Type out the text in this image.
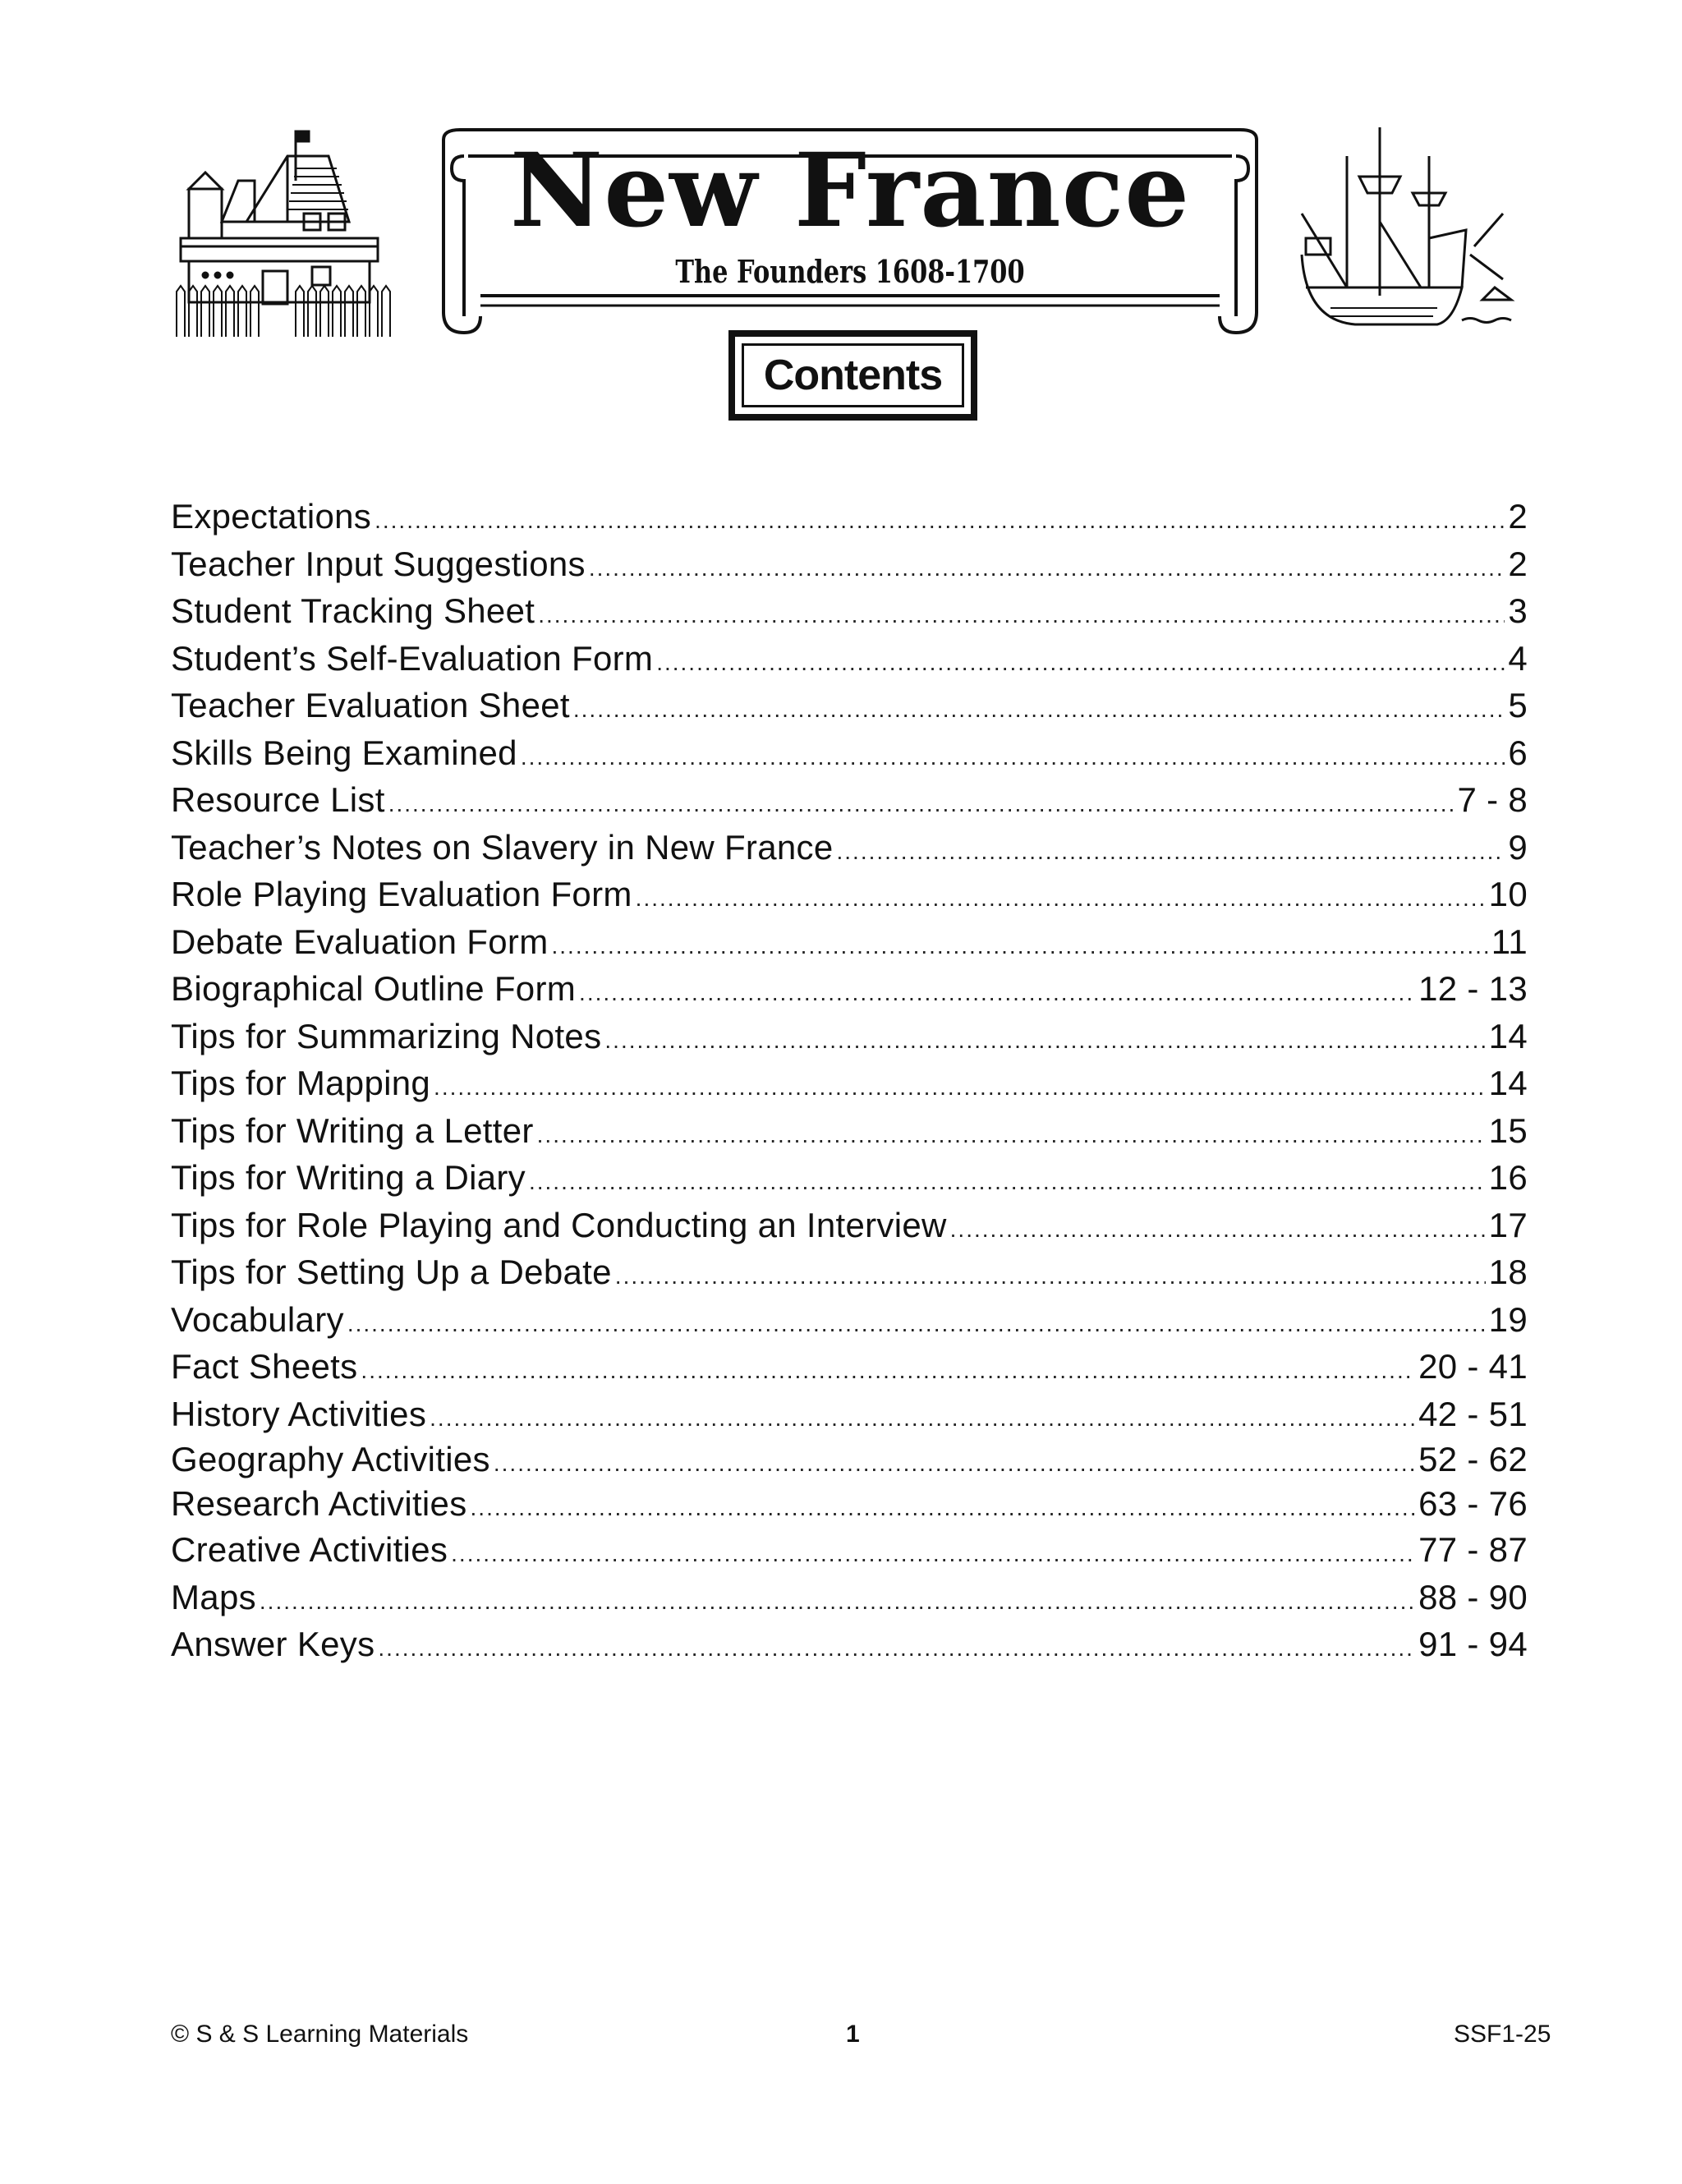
New France
The Founders 1608-1700
Contents
Expectations .....	2
Teacher Input Suggestions .....	2
Student Tracking Sheet .....	3
Student’s Self-Evaluation Form .....	4
Teacher Evaluation Sheet .....	5
Skills Being Examined .....	6
Resource List .....	7 - 8
Teacher’s Notes on Slavery in New France .....	9
Role Playing Evaluation Form .....	10
Debate Evaluation Form .....	11
Biographical Outline Form .....	12 - 13
Tips for Summarizing Notes .....	14
Tips for Mapping .....	14
Tips for Writing a Letter .....	15
Tips for Writing a Diary .....	16
Tips for Role Playing and Conducting an Interview .....	17
Tips for Setting Up a Debate .....	18
Vocabulary .....	19
Fact Sheets .....	20 - 41
History Activities .....	42 - 51
Geography Activities .....	52 - 62
Research Activities .....	63 - 76
Creative Activities .....	77 - 87
Maps .....	88 - 90
Answer Keys .....	91 - 94
© S & S Learning Materials	1	SSF1-25
